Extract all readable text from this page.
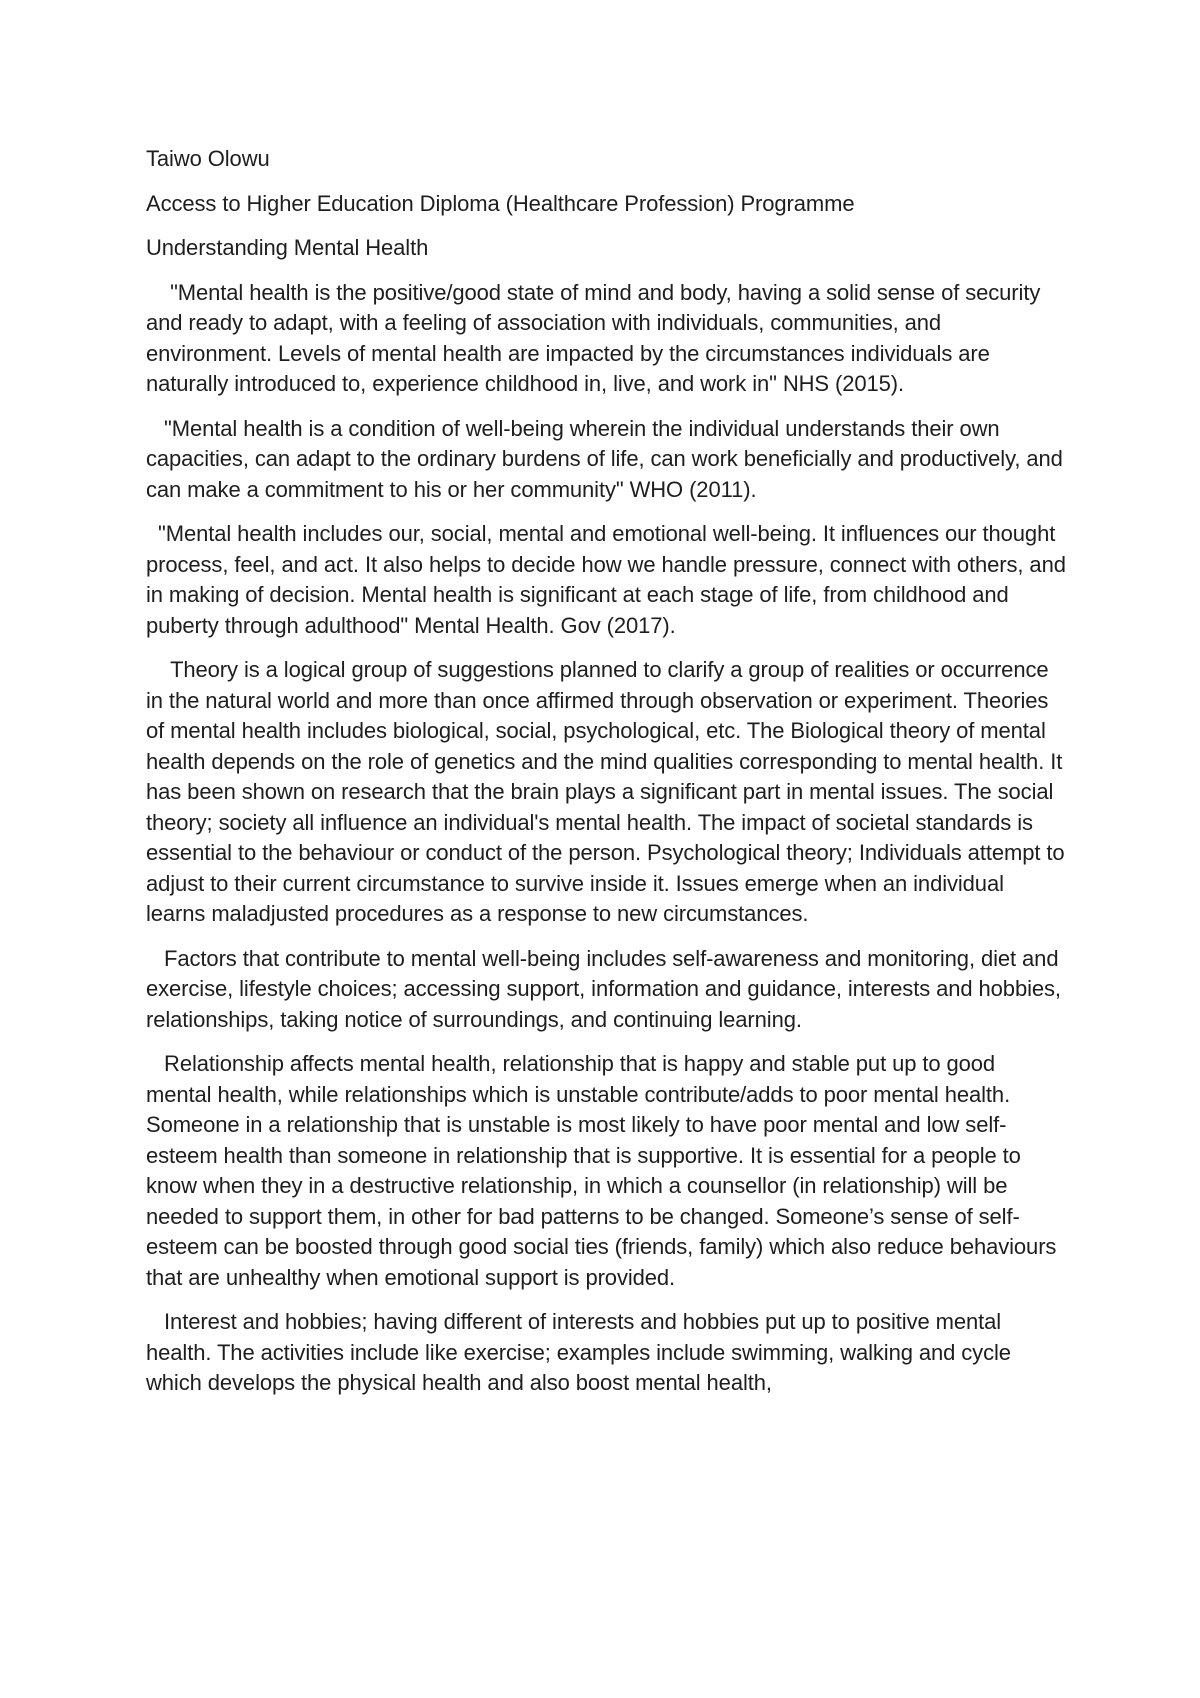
Taiwo Olowu

Access to Higher Education Diploma (Healthcare Profession) Programme

Understanding Mental Health

"Mental health is the positive/good state of mind and body, having a solid sense of security and ready to adapt, with a feeling of association with individuals, communities, and environment. Levels of mental health are impacted by the circumstances individuals are naturally introduced to, experience childhood in, live, and work in" NHS (2015).

"Mental health is a condition of well-being wherein the individual understands their own capacities, can adapt to the ordinary burdens of life, can work beneficially and productively, and can make a commitment to his or her community" WHO (2011).

"Mental health includes our, social, mental and emotional well-being. It influences our thought process, feel, and act. It also helps to decide how we handle pressure, connect with others, and in making of decision. Mental health is significant at each stage of life, from childhood and puberty through adulthood" Mental Health. Gov (2017).

Theory is a logical group of suggestions planned to clarify a group of realities or occurrence in the natural world and more than once affirmed through observation or experiment. Theories of mental health includes biological, social, psychological, etc. The Biological theory of mental health depends on the role of genetics and the mind qualities corresponding to mental health. It has been shown on research that the brain plays a significant part in mental issues. The social theory; society all influence an individual's mental health. The impact of societal standards is essential to the behaviour or conduct of the person. Psychological theory; Individuals attempt to adjust to their current circumstance to survive inside it. Issues emerge when an individual learns maladjusted procedures as a response to new circumstances.

Factors that contribute to mental well-being includes self-awareness and monitoring, diet and exercise, lifestyle choices; accessing support, information and guidance, interests and hobbies, relationships, taking notice of surroundings, and continuing learning.

Relationship affects mental health, relationship that is happy and stable put up to good mental health, while relationships which is unstable contribute/adds to poor mental health. Someone in a relationship that is unstable is most likely to have poor mental and low self-esteem health than someone in relationship that is supportive. It is essential for a people to know when they in a destructive relationship, in which a counsellor (in relationship) will be needed to support them, in other for bad patterns to be changed. Someone’s sense of self-esteem can be boosted through good social ties (friends, family) which also reduce behaviours that are unhealthy when emotional support is provided.

Interest and hobbies; having different of interests and hobbies put up to positive mental health. The activities include like exercise; examples include swimming, walking and cycle which develops the physical health and also boost mental health,
